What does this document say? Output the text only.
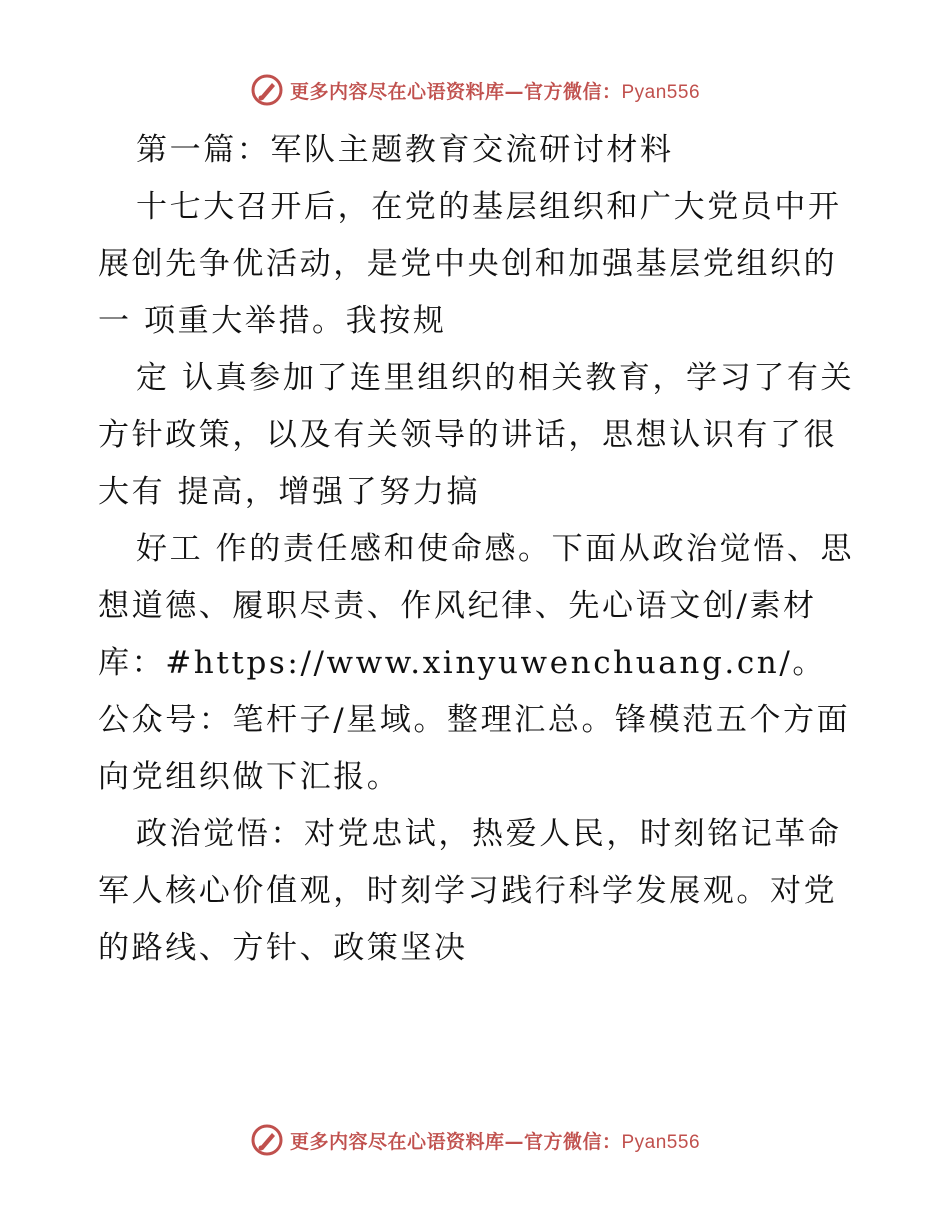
更多内容尽在心语资料库—官方微信：Pyan556

第一篇：军队主题教育交流研讨材料

十七大召开后，在党的基层组织和广大党员中开展创先争优活动，是党中央创和加强基层党组织的一 项重大举措。我按规

定 认真参加了连里组织的相关教育，学习了有关方针政策，以及有关领导的讲话，思想认识有了很大有 提高，增强了努力搞

好工 作的责任感和使命感。下面从政治觉悟、思想道德、履职尽责、作风纪律、先心语文创/素材库：#https://www.xinyuwenchuang.cn/。公众号：笔杆子/星域。整理汇总。锋模范五个方面向党组织做下汇报。

政治觉悟：对党忠试，热爱人民，时刻铭记革命军人核心价值观，时刻学习践行科学发展观。对党的路线、方针、政策坚决

更多内容尽在心语资料库—官方微信：Pyan556
